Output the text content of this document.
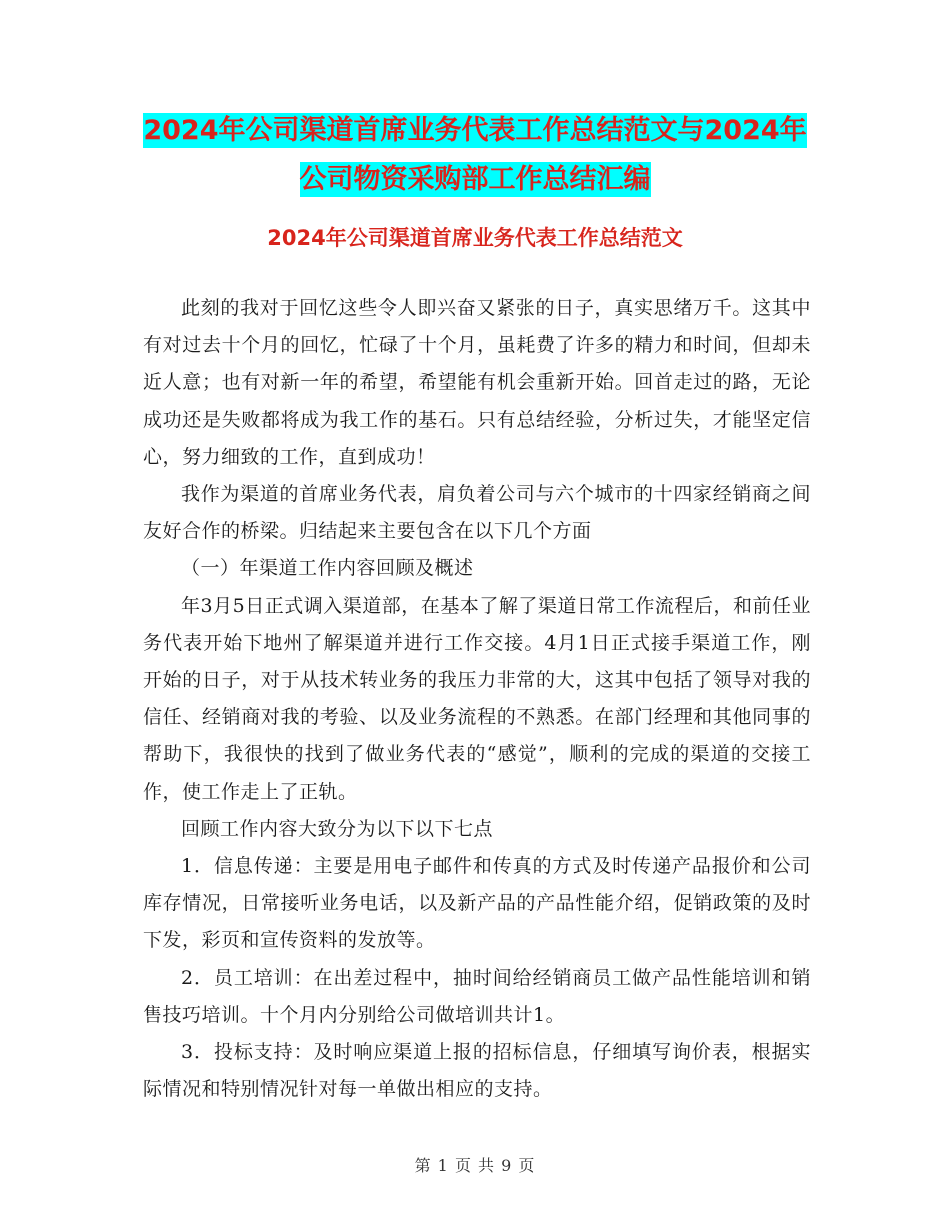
2024年公司渠道首席业务代表工作总结范文与2024年
公司物资采购部工作总结汇编
2024年公司渠道首席业务代表工作总结范文

此刻的我对于回忆这些令人即兴奋又紧张的日子，真实思绪万千。这其中有对过去十个月的回忆，忙碌了十个月，虽耗费了许多的精力和时间，但却未近人意；也有对新一年的希望，希望能有机会重新开始。回首走过的路，无论成功还是失败都将成为我工作的基石。只有总结经验，分析过失，才能坚定信心，努力细致的工作，直到成功！

我作为渠道的首席业务代表，肩负着公司与六个城市的十四家经销商之间友好合作的桥梁。归结起来主要包含在以下几个方面

（一）年渠道工作内容回顾及概述

年3月5日正式调入渠道部，在基本了解了渠道日常工作流程后，和前任业务代表开始下地州了解渠道并进行工作交接。4月1日正式接手渠道工作，刚开始的日子，对于从技术转业务的我压力非常的大，这其中包括了领导对我的信任、经销商对我的考验、以及业务流程的不熟悉。在部门经理和其他同事的帮助下，我很快的找到了做业务代表的“感觉”，顺利的完成的渠道的交接工作，使工作走上了正轨。

回顾工作内容大致分为以下以下七点

1．信息传递：主要是用电子邮件和传真的方式及时传递产品报价和公司库存情况，日常接听业务电话，以及新产品的产品性能介绍，促销政策的及时下发，彩页和宣传资料的发放等。

2．员工培训：在出差过程中，抽时间给经销商员工做产品性能培训和销售技巧培训。十个月内分别给公司做培训共计1。

3．投标支持：及时响应渠道上报的招标信息，仔细填写询价表，根据实际情况和特别情况针对每一单做出相应的支持。

第 1 页 共 9 页
